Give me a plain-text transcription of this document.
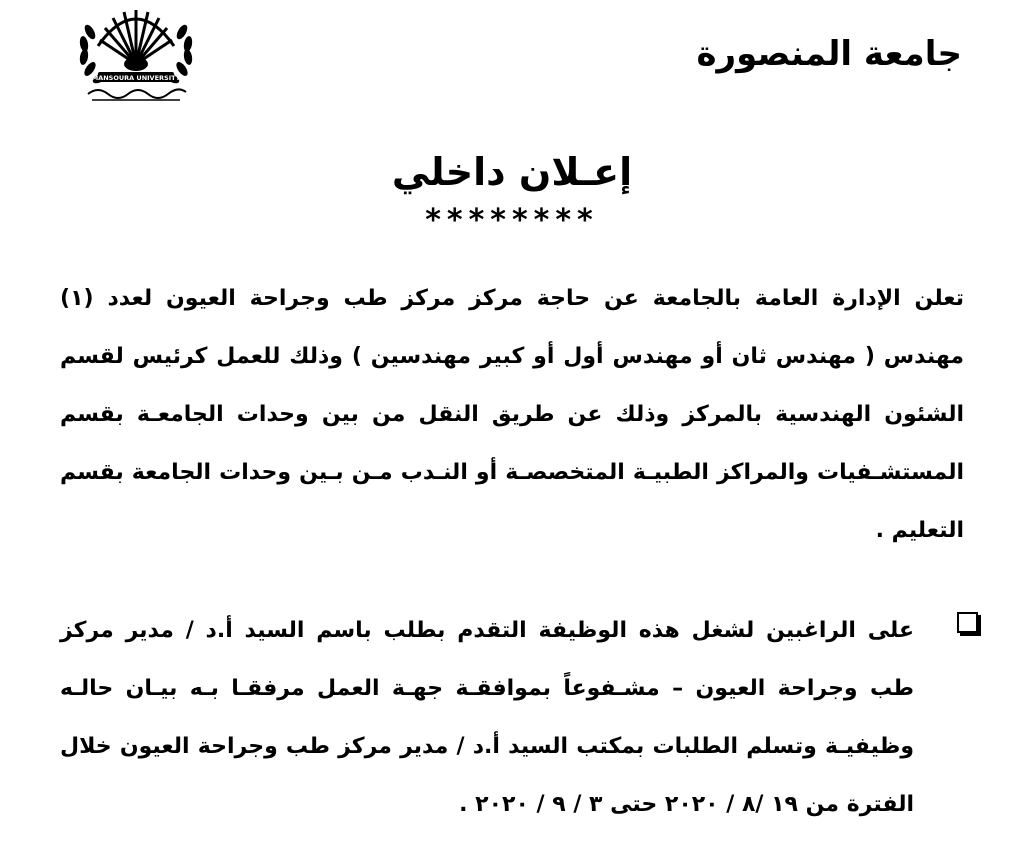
MANSOURA UNIVERSITY
جامعة المنصورة
إعـلان داخلي
********

تعلن الإدارة العامة بالجامعة عن حاجة مركز مركز طب وجراحة العيون لعدد (١) مهندس ( مهندس ثان أو مهندس أول أو كبير مهندسين ) وذلك للعمل كرئيس لقسم الشئون الهندسية بالمركز وذلك عن طريق النقل من بين وحدات الجامعـة بقسم المستشـفيات والمراكز الطبيـة المتخصصـة أو النـدب مـن بـين وحدات الجامعة بقسم التعليم .

على الراغبين لشغل هذه الوظيفة التقدم بطلب باسم السيد أ.د / مدير مركز طب وجراحة العيون – مشـفوعاً بموافقـة جهـة العمل مرفقـا بـه بيـان حالـه وظيفيـة وتسلم الطلبات بمكتب السيد أ.د / مدير مركز طب وجراحة العيون خلال الفترة من ١٩ /٨ / ٢٠٢٠ حتى ٣ / ٩ / ٢٠٢٠ .
